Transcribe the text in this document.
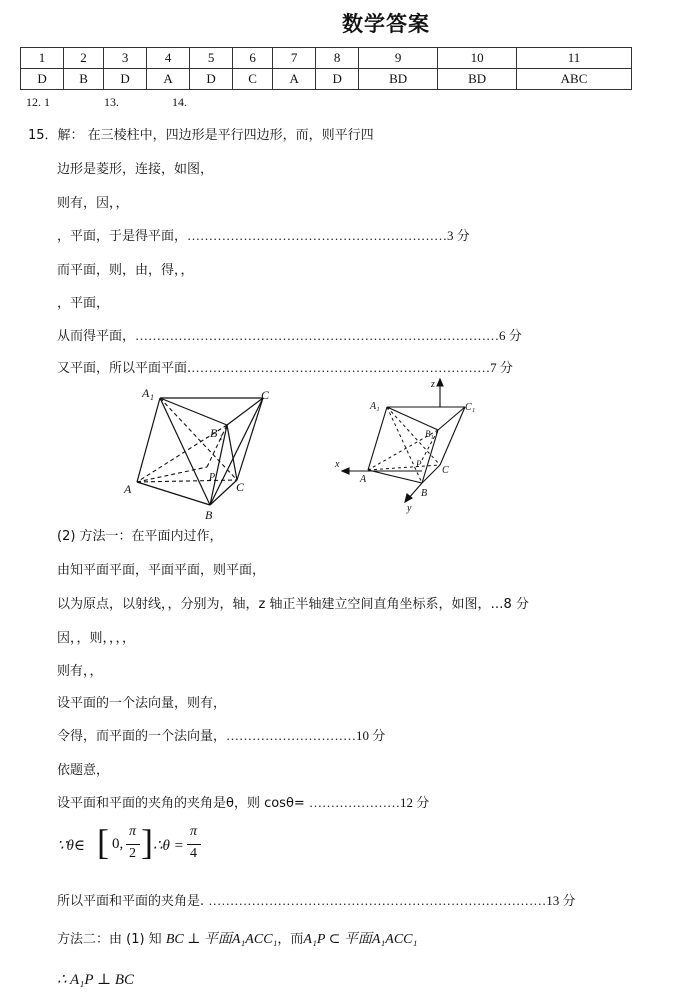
数学答案
1	2	3	4	5	6	7	8	9	10	11
D	B	D	A	D	C	A	D	BD	BD	ABC
12. 1	13.	14.
15．解： 在三棱柱中，四边形是平行四边形，而，则平行四
边形是菱形，连接，如图，
则有，因，，
，平面，于是得平面，……………………………………………………3 分
而平面，则，由，得，，
，平面，
从而得平面，…………………………………………………………………………6 分
又平面，所以平面平面.……………………………………………………………7 分
A 1	C
B 1
P
A	C
B
z
A₁	C₁
B₁
P
x
A
C
B
y
(2) 方法一：在平面内过作，
由知平面平面，平面平面，则平面，
以为原点，以射线，，分别为，轴，z 轴正半轴建立空间直角坐标系，如图，…8 分
因，，则，，，，
则有，，
设平面的一个法向量，则有，
令得，而平面的一个法向量，…………………………10 分
依题意，
设平面和平面的夹角的夹角是θ，则 cosθ= …………………12 分
∵θ∈ [ 0,
π
2 ] ∴θ =
π
4
所以平面和平面的夹角是. ……………………………………………………………………13 分
方法二：由 (1) 知 BC ⊥ 平面A₁ACC₁，而A₁P ⊂ 平面A₁ACC₁
∴ A₁P ⊥ BC
